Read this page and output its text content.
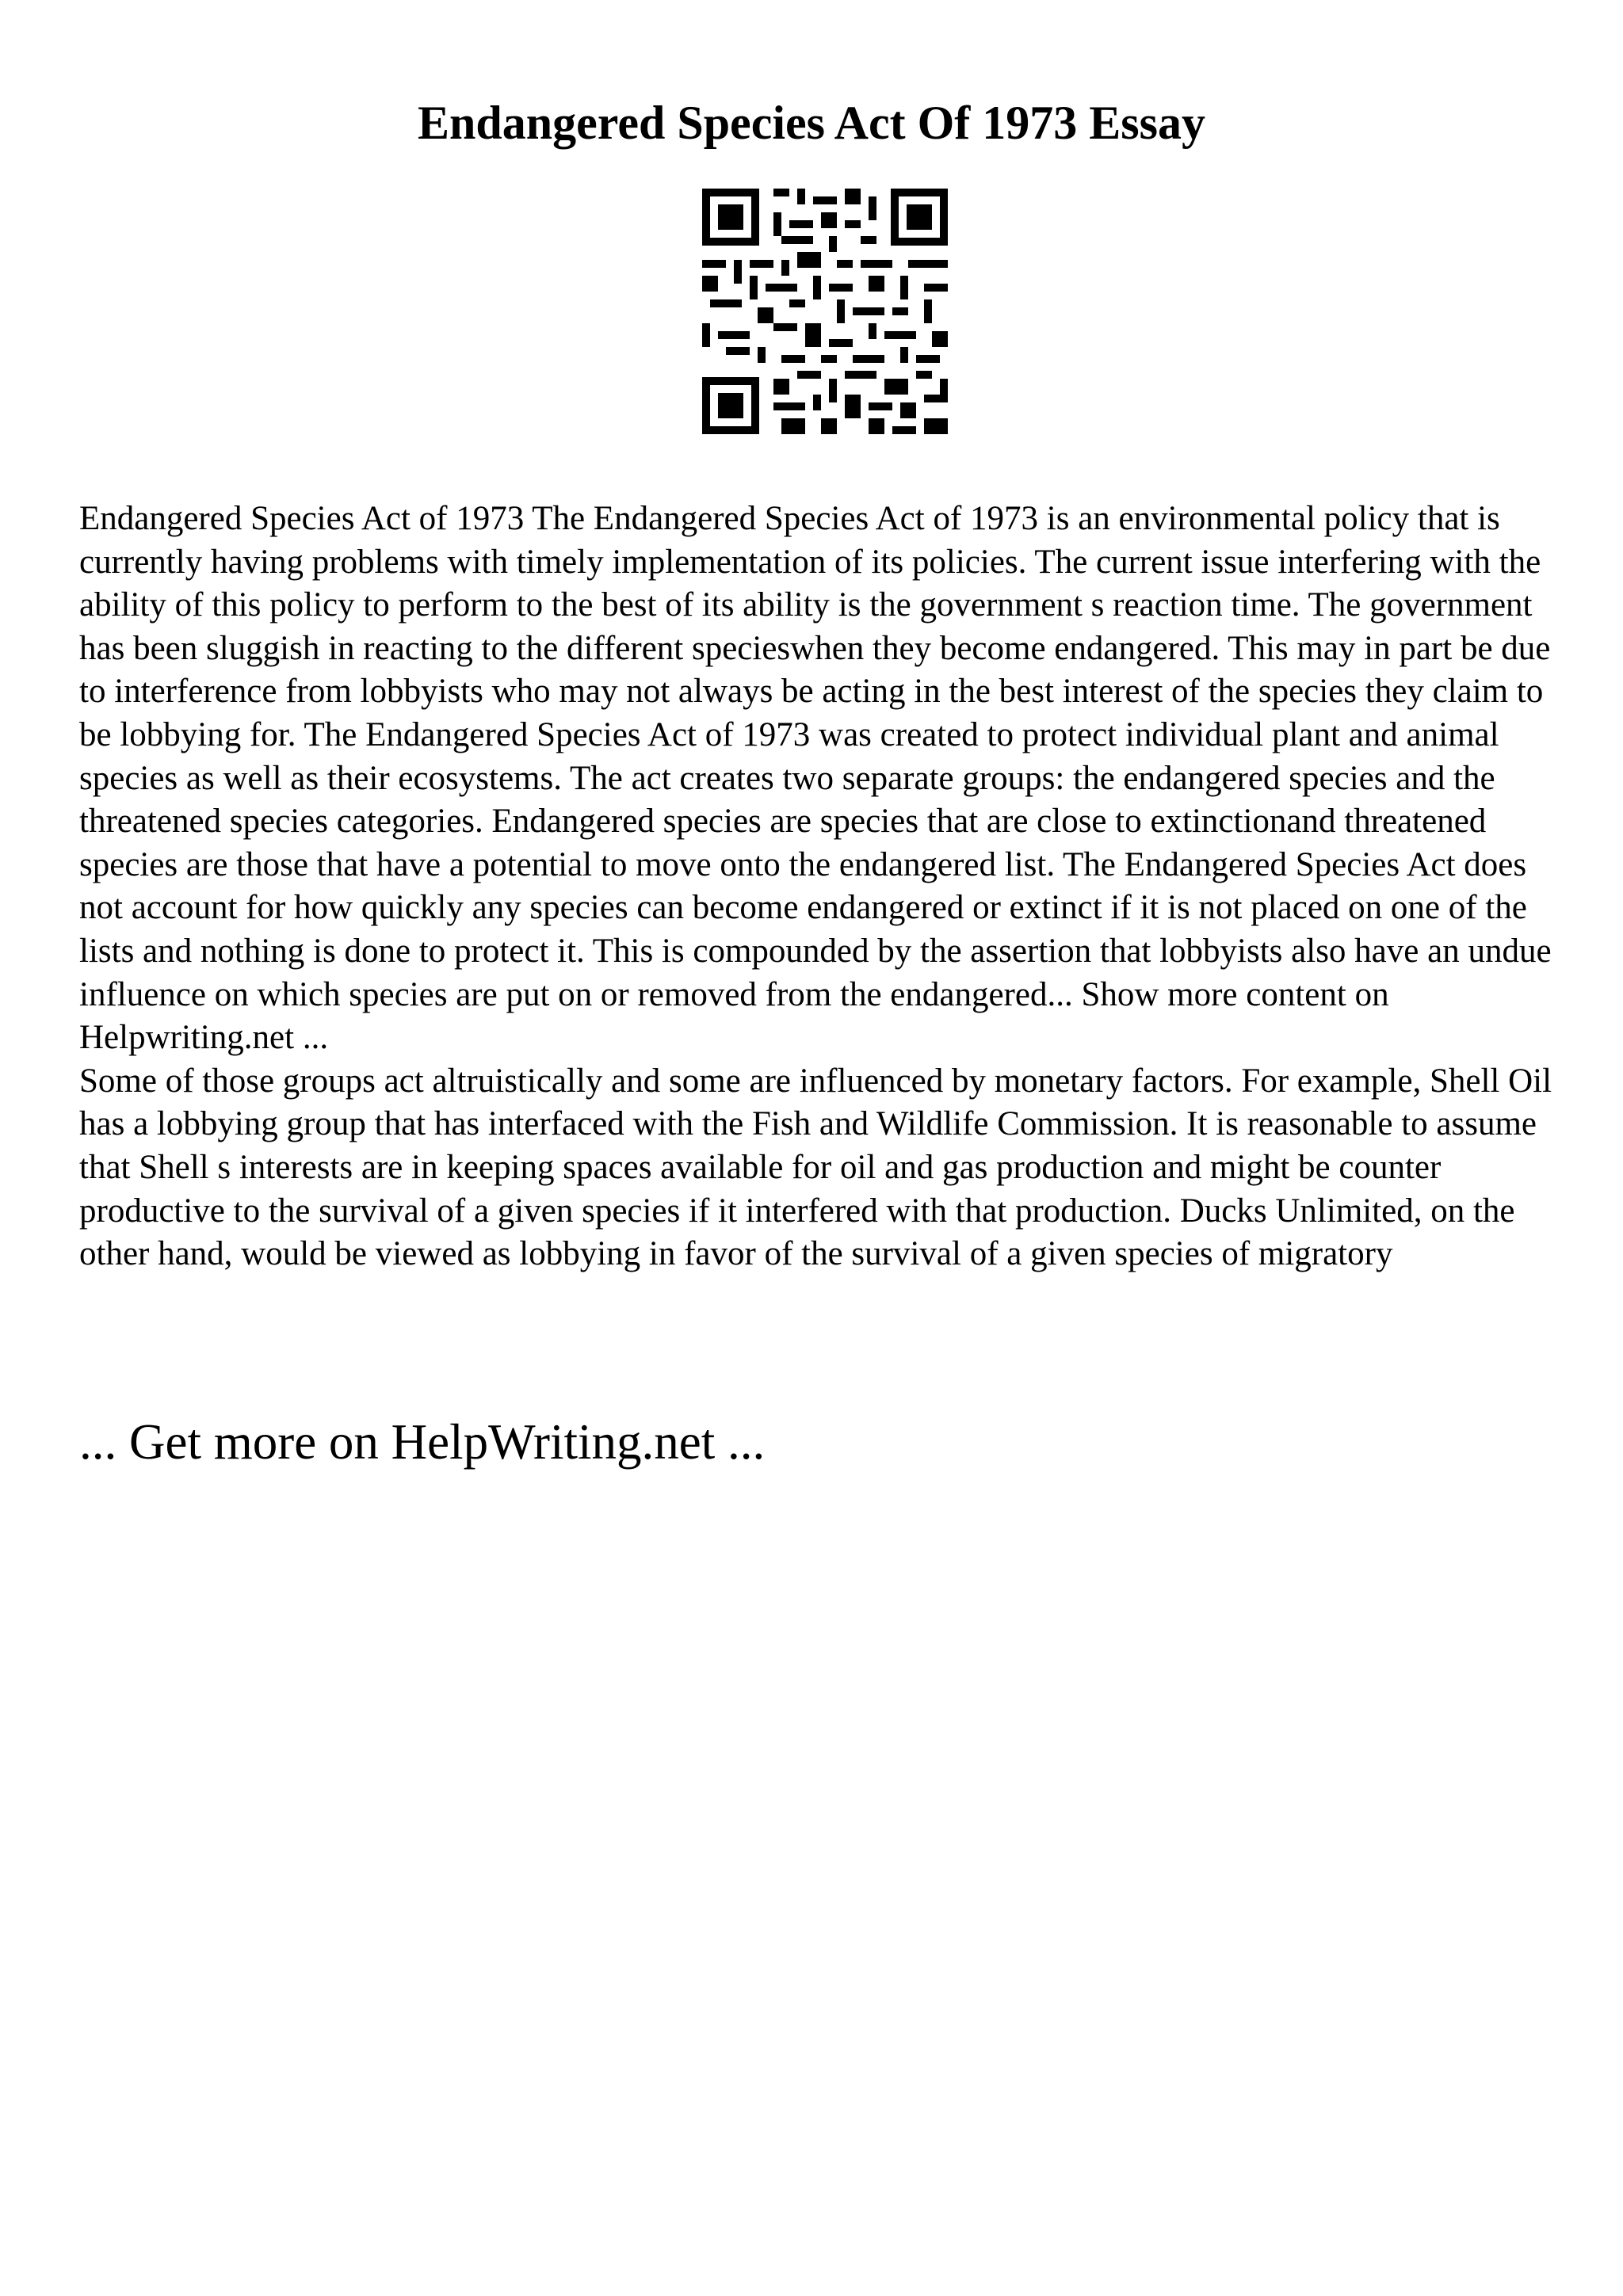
Endangered Species Act Of 1973 Essay

Endangered Species Act of 1973 The Endangered Species Act of 1973 is an environmental policy that is currently having problems with timely implementation of its policies. The current issue interfering with the ability of this policy to perform to the best of its ability is the government s reaction time. The government has been sluggish in reacting to the different specieswhen they become endangered. This may in part be due to interference from lobbyists who may not always be acting in the best interest of the species they claim to be lobbying for. The Endangered Species Act of 1973 was created to protect individual plant and animal species as well as their ecosystems. The act creates two separate groups: the endangered species and the threatened species categories. Endangered species are species that are close to extinctionand threatened species are those that have a potential to move onto the endangered list. The Endangered Species Act does not account for how quickly any species can become endangered or extinct if it is not placed on one of the lists and nothing is done to protect it. This is compounded by the assertion that lobbyists also have an undue influence on which species are put on or removed from the endangered... Show more content on Helpwriting.net ...

Some of those groups act altruistically and some are influenced by monetary factors. For example, Shell Oil has a lobbying group that has interfaced with the Fish and Wildlife Commission. It is reasonable to assume that Shell s interests are in keeping spaces available for oil and gas production and might be counter productive to the survival of a given species if it interfered with that production. Ducks Unlimited, on the other hand, would be viewed as lobbying in favor of the survival of a given species of migratory

... Get more on HelpWriting.net ...
